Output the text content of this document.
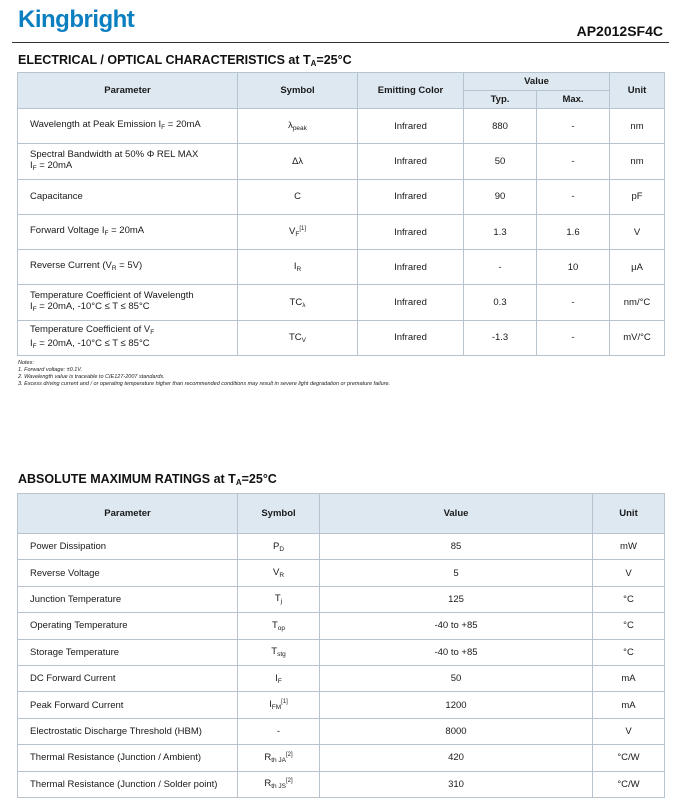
Kingbright	AP2012SF4C
ELECTRICAL / OPTICAL CHARACTERISTICS at $T_A=25^\circ C$
Parameter	Symbol	Emitting Color	Value		Unit
			Typ.	Max.	
Wavelength at Peak Emission $I_F = 20mA$	$\lambda_{peak}$	Infrared	880	-	nm
Spectral Bandwidth at 50% Φ REL MAX
$I_F = 20mA$	Δλ	Infrared	50	-	nm
Capacitance	C	Infrared	90	-	pF
Forward Voltage $I_F = 20mA$	$V_F[1]$	Infrared	1.3	1.6	V
Reverse Current $(V_R = 5V)$	$I_R$	Infrared	-	10	μA
Temperature Coefficient of Wavelength
$I_F = 20mA$, -10°C ≤ T ≤ 85°C	$TC_\lambda$	Infrared	0.3	-	nm/°C
Temperature Coefficient of $V_F$
$I_F = 20mA$, -10°C ≤ T ≤ 85°C	$TC_V$	Infrared	-1.3	-	mV/°C
Notes:
1. Forward voltage: ±0.1V.
2. Wavelength value is traceable to CIE127-2007 standards.
3. Excess driving current and / or operating temperature higher than recommended conditions may result in severe light degradation or premature failure.
ABSOLUTE MAXIMUM RATINGS at $T_A=25^\circ C$
Parameter	Symbol	Value	Unit
Power Dissipation	$P_D$	85	mW
Reverse Voltage	$V_R$	5	V
Junction Temperature	$T_j$	125	°C
Operating Temperature	$T_{op}$	-40 to +85	°C
Storage Temperature	$T_{stg}$	-40 to +85	°C
DC Forward Current	$I_F$	50	mA
Peak Forward Current	$I_{FM}[1]$	1200	mA
Electrostatic Discharge Threshold (HBM)	-	8000	V
Thermal Resistance (Junction / Ambient)	$R_{th JA}[2]$	420	°C/W
Thermal Resistance (Junction / Solder point)	$R_{th JS}[2]$	310	°C/W
